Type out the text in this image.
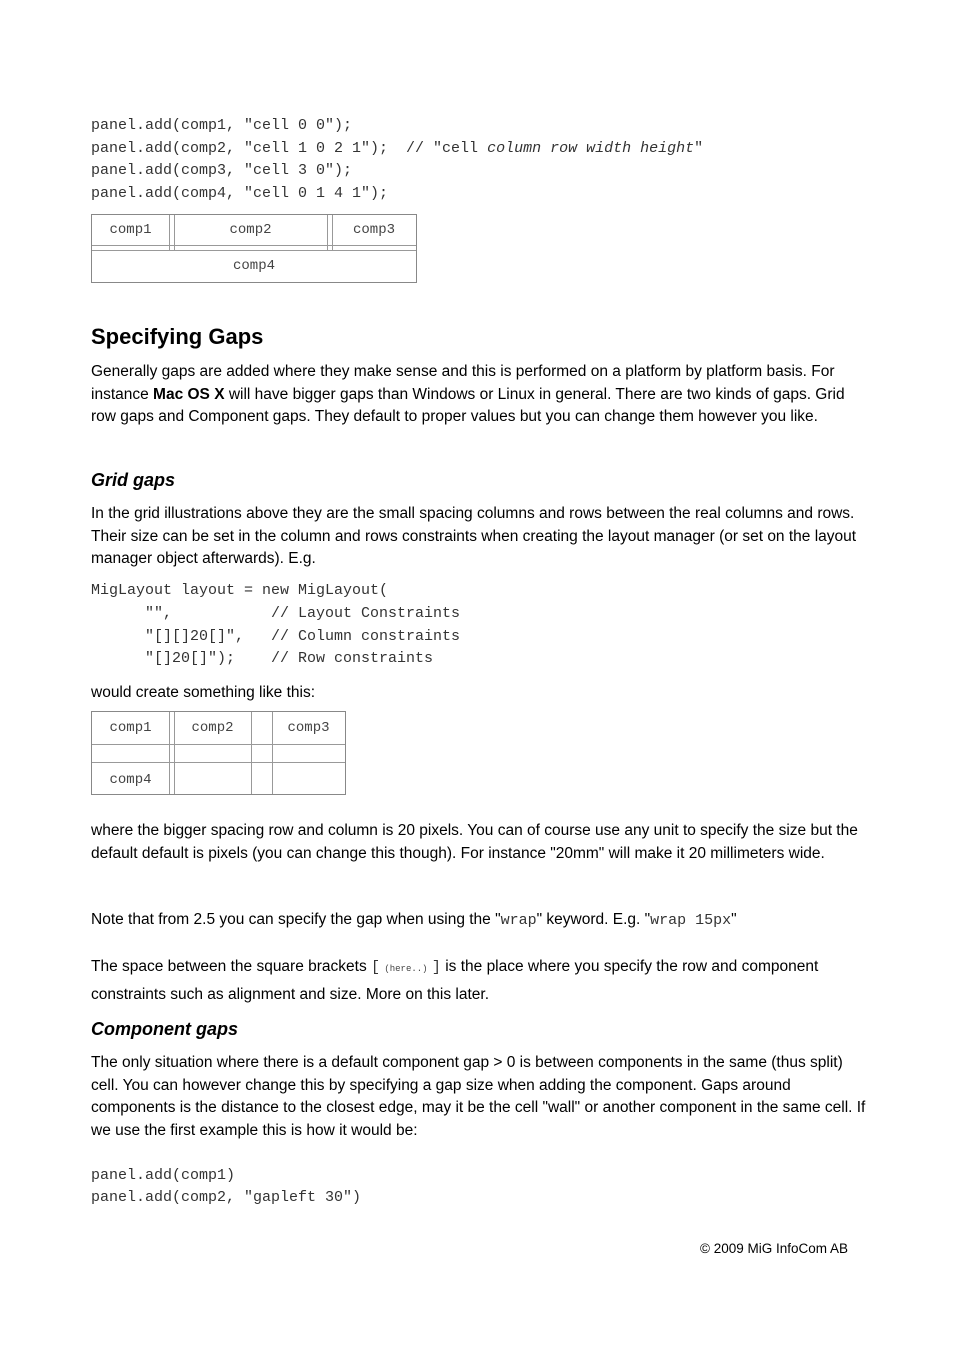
panel.add(comp1, "cell 0 0");
panel.add(comp2, "cell 1 0 2 1");  // "cell column row width height"
panel.add(comp3, "cell 3 0");
panel.add(comp4, "cell 0 1 4 1");
comp1	comp2	comp3
comp4
Specifying Gaps

Generally gaps are added where they make sense and this is performed on a platform by platform basis. For instance Mac OS X will have bigger gaps than Windows or Linux in general. There are two kinds of gaps. Grid row gaps and Component gaps. They default to proper values but you can change them however you like.

Grid gaps

In the grid illustrations above they are the small spacing columns and rows between the real columns and rows. Their size can be set in the column and rows constraints when creating the layout manager (or set on the layout manager object afterwards). E.g.

MigLayout layout = new MigLayout(
"",           // Layout Constraints
"[][]20[]",   // Column constraints
"[]20[]");    // Row constraints

would create something like this:

comp1	comp2	comp3
comp4

where the bigger spacing row and column is 20 pixels. You can of course use any unit to specify the size but the default default is pixels (you can change this though). For instance "20mm" will make it 20 millimeters wide.

Note that from 2.5 you can specify the gap when using the "wrap" keyword. E.g. "wrap 15px"

The space between the square brackets [ (here..) ] is the place where you specify the row and component constraints such as alignment and size. More on this later.

Component gaps

The only situation where there is a default component gap > 0 is between components in the same (thus split) cell. You can however change this by specifying a gap size when adding the component. Gaps around components is the distance to the closest edge, may it be the cell "wall" or another component in the same cell. If we use the first example this is how it would be:

panel.add(comp1)
panel.add(comp2, "gapleft 30")
© 2009 MiG InfoCom AB
